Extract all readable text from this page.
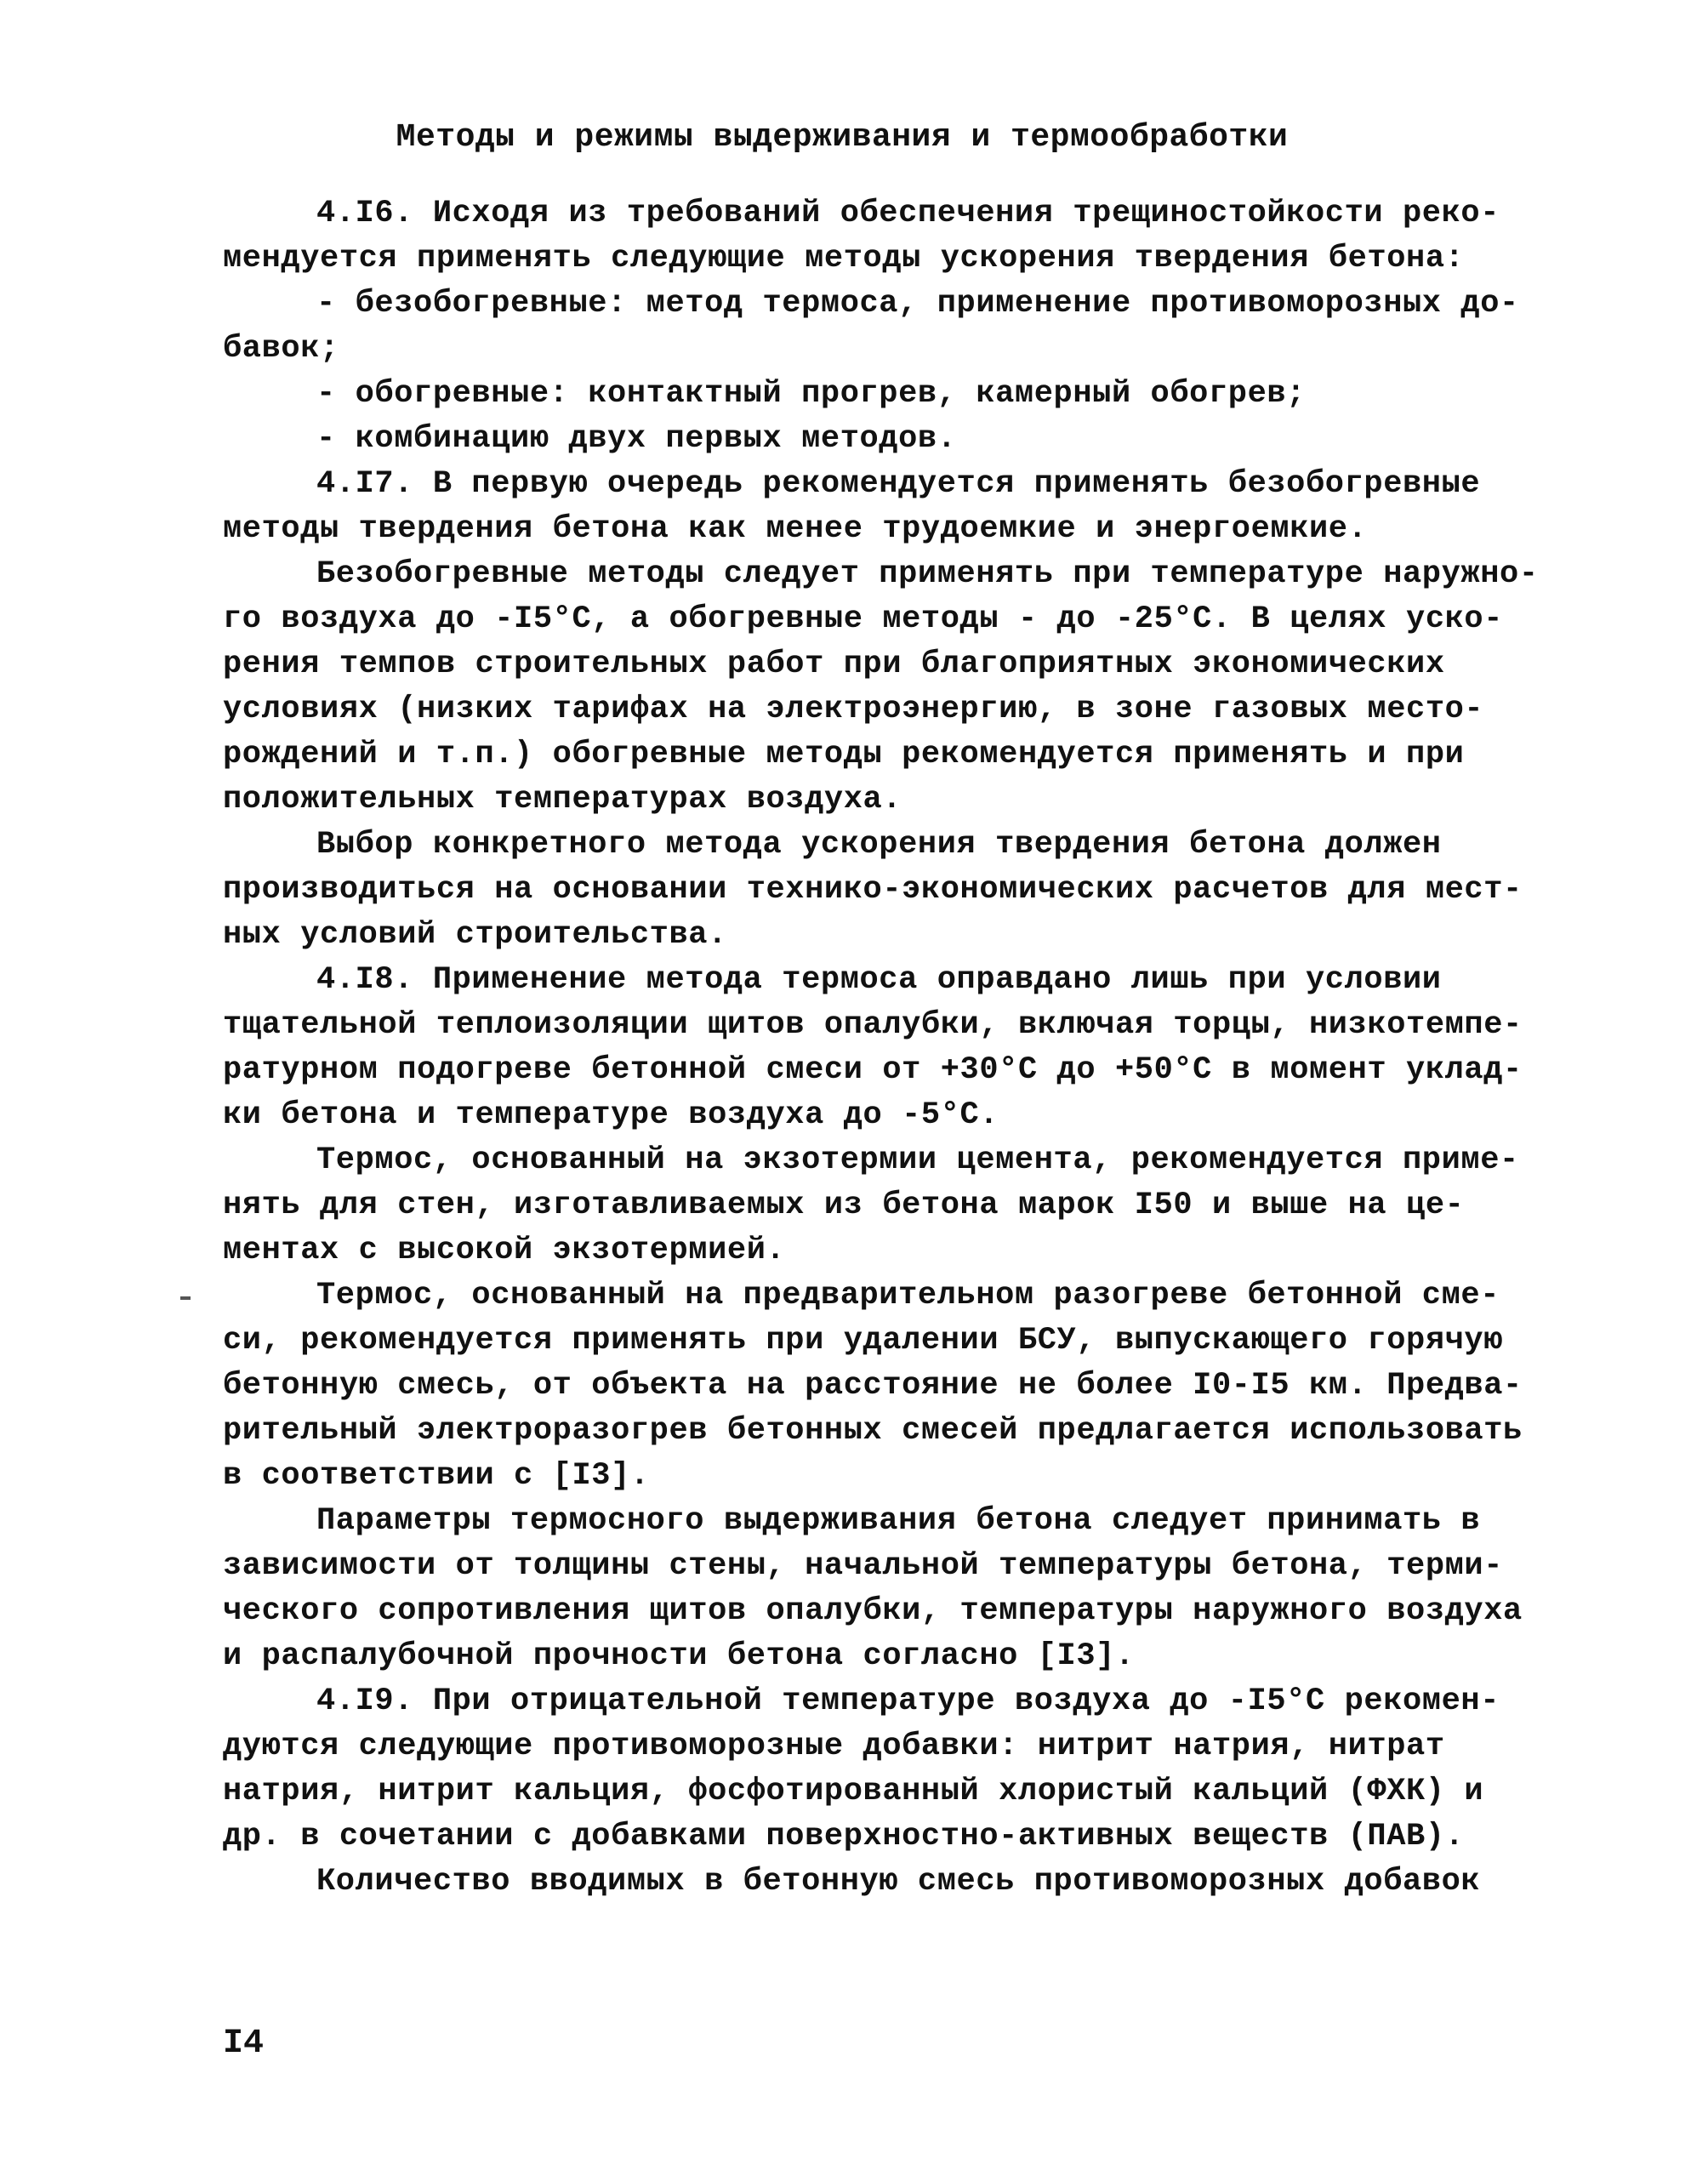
Методы и режимы выдерживания и термообработки
4.I6. Исходя из требований обеспечения трещиностойкости реко-
мендуется применять следующие методы ускорения твердения бетона:
- безобогревные: метод термоса, применение противоморозных до-
бавок;
- обогревные: контактный прогрев, камерный обогрев;
- комбинацию двух первых методов.
4.I7. В первую очередь рекомендуется применять безобогревные
методы твердения бетона как менее трудоемкие и энергоемкие.
Безобогревные методы следует применять при температуре наружно-
го воздуха до -I5°С, а обогревные методы - до -25°С. В целях уско-
рения темпов строительных работ при благоприятных экономических
условиях (низких тарифах на электроэнергию, в зоне газовых место-
рождений и т.п.) обогревные методы рекомендуется применять и при
положительных температурах воздуха.
Выбор конкретного метода ускорения твердения бетона должен
производиться на основании технико-экономических расчетов для мест-
ных условий строительства.
4.I8. Применение метода термоса оправдано лишь при условии
тщательной теплоизоляции щитов опалубки, включая торцы, низкотемпе-
ратурном подогреве бетонной смеси от +30°С до +50°С в момент уклад-
ки бетона и температуре воздуха до -5°С.
Термос, основанный на экзотермии цемента, рекомендуется приме-
нять для стен, изготавливаемых из бетона марок I50 и выше на це-
ментах с высокой экзотермией.
Термос, основанный на предварительном разогреве бетонной сме-
си, рекомендуется применять при удалении БСУ, выпускающего горячую
бетонную смесь, от объекта на расстояние не более I0-I5 км. Предва-
рительный электроразогрев бетонных смесей предлагается использовать
в соответствии с [I3].
Параметры термосного выдерживания бетона следует принимать в
зависимости от толщины стены, начальной температуры бетона, терми-
ческого сопротивления щитов опалубки, температуры наружного воздуха
и распалубочной прочности бетона согласно [I3].
4.I9. При отрицательной температуре воздуха до -I5°С рекомен-
дуются следующие противоморозные добавки: нитрит натрия, нитрат
натрия, нитрит кальция, фосфотированный хлористый кальций (ФХК) и
др. в сочетании с добавками поверхностно-активных веществ (ПАВ).
Количество вводимых в бетонную смесь противоморозных добавок
I4
